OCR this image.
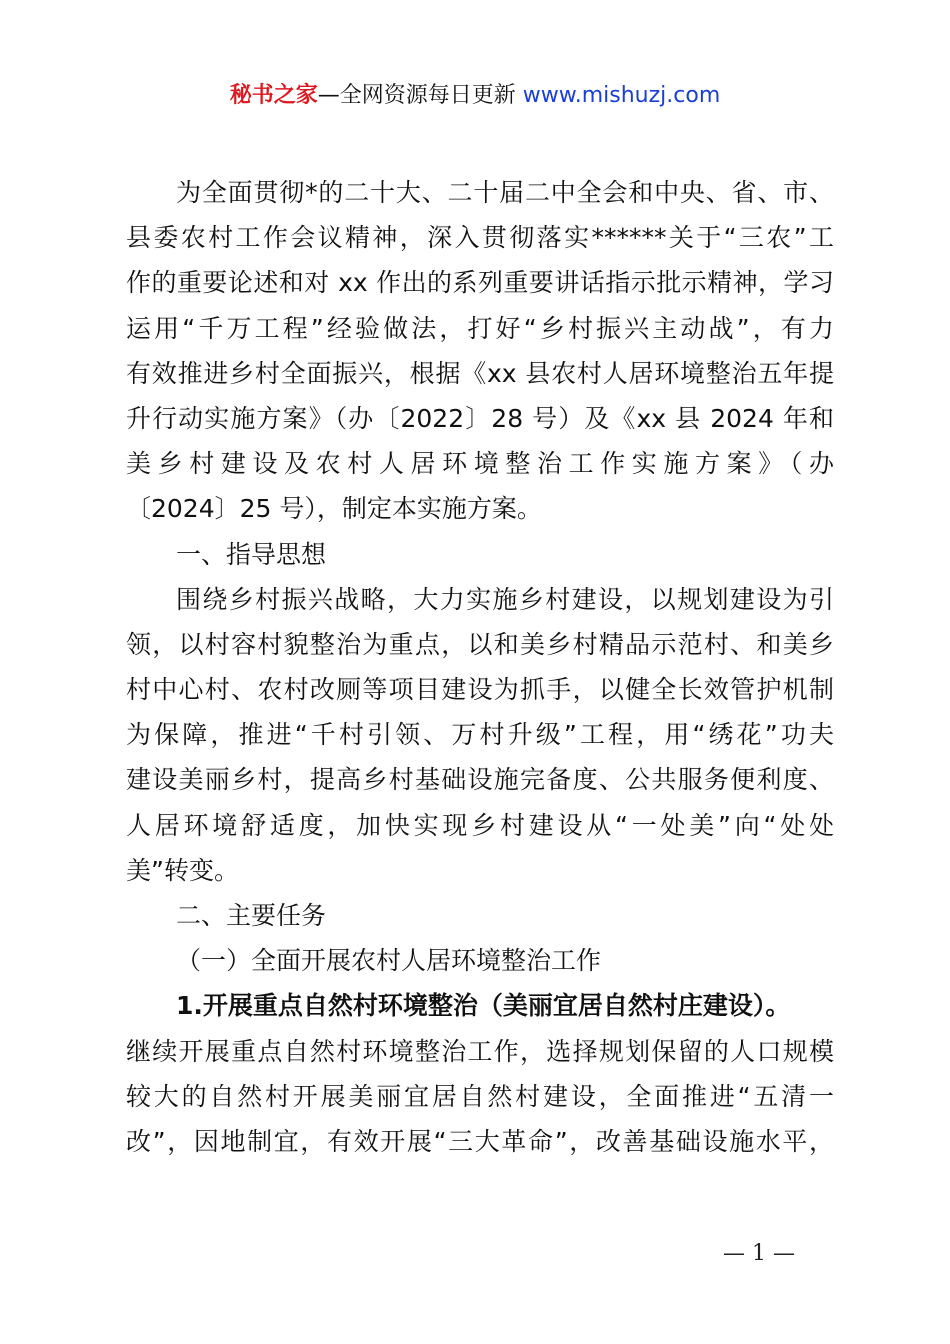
秘书之家—全网资源每日更新 www.mishuzj.com
为全面贯彻*的二十大、二十届二中全会和中央、省、市、
县委农村工作会议精神，深入贯彻落实******关于“三农”工
作的重要论述和对 xx 作出的系列重要讲话指示批示精神，学习
运用“千万工程”经验做法，打好“乡村振兴主动战”，有力
有效推进乡村全面振兴，根据《xx 县农村人居环境整治五年提
升行动实施方案》（办〔2022〕28 号）及《xx 县 2024 年和
美乡村建设及农村人居环境整治工作实施方案》（办
〔2024〕25 号），制定本实施方案。
一、指导思想
围绕乡村振兴战略，大力实施乡村建设，以规划建设为引
领，以村容村貌整治为重点，以和美乡村精品示范村、和美乡
村中心村、农村改厕等项目建设为抓手，以健全长效管护机制
为保障，推进“千村引领、万村升级”工程，用“绣花”功夫
建设美丽乡村，提高乡村基础设施完备度、公共服务便利度、
人居环境舒适度，加快实现乡村建设从“一处美”向“处处
美”转变。
二、主要任务
（一）全面开展农村人居环境整治工作
1.开展重点自然村环境整治（美丽宜居自然村庄建设）。
继续开展重点自然村环境整治工作，选择规划保留的人口规模
较大的自然村开展美丽宜居自然村建设，全面推进“五清一
改”，因地制宜，有效开展“三大革命”，改善基础设施水平，
— 1 —
